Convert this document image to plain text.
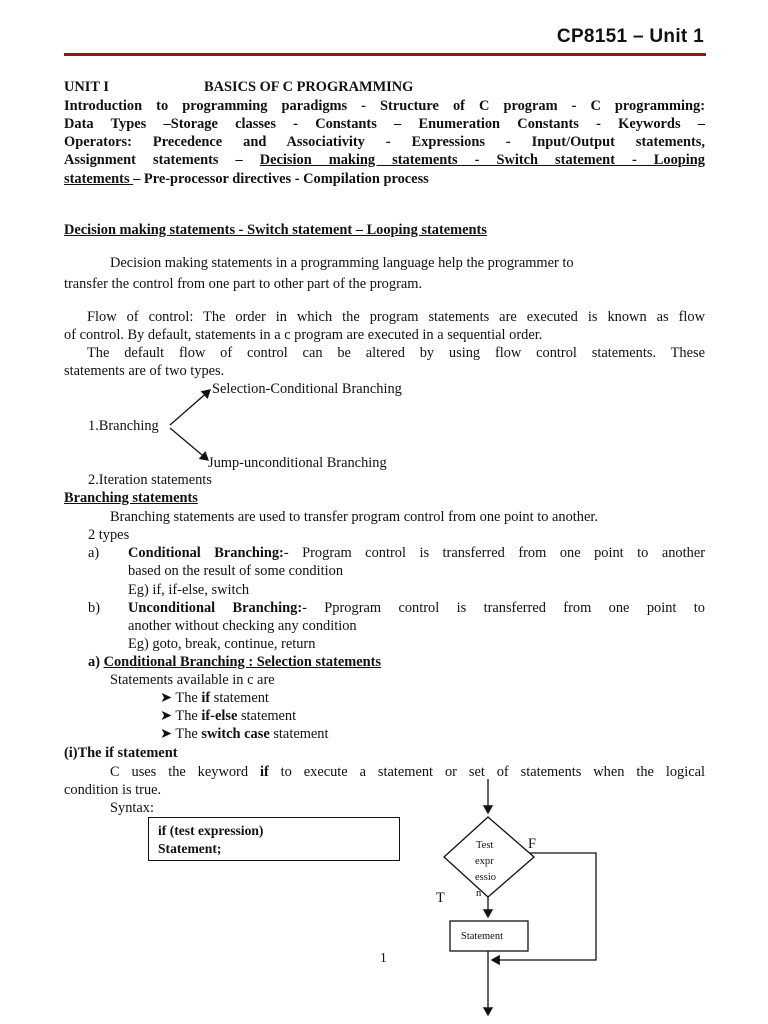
CP8151 – Unit 1
UNIT I	BASICS OF C PROGRAMMING
Introduction to programming paradigms - Structure of C program - C programming:
Data Types –Storage classes - Constants – Enumeration Constants - Keywords –
Operators: Precedence and Associativity - Expressions - Input/Output statements,
Assignment statements – Decision making statements - Switch statement - Looping
statements – Pre-processor directives - Compilation process
Decision making statements - Switch statement – Looping statements
Decision making statements in a programming language help the programmer to
transfer the control from one part to other part of the program.
Flow of control: The order in which the program statements are executed is known as flow
of control. By default, statements in a c program are executed in a sequential order.
The default flow of control can be altered by using flow control statements. These
statements are of two types.
Selection-Conditional Branching
1.Branching
Jump-unconditional Branching
2.Iteration statements
Branching statements
Branching statements are used to transfer program control from one point to another.
2 types
a) Conditional Branching:- Program control is transferred from one point to another
based on the result of some condition
Eg) if, if-else, switch
b) Unconditional Branching:- Pprogram control is transferred from one point to
another without checking any condition
Eg) goto, break, continue, return
a) Conditional Branching : Selection statements
Statements available in c are
➤ The if statement
➤ The if-else statement
➤ The switch case statement
(i)The if statement
C uses the keyword if to execute a statement or set of statements when the logical
condition is true.
Syntax:
if (test expression)
Statement;	Test
expr
essio
n
F
T
Statement
1
